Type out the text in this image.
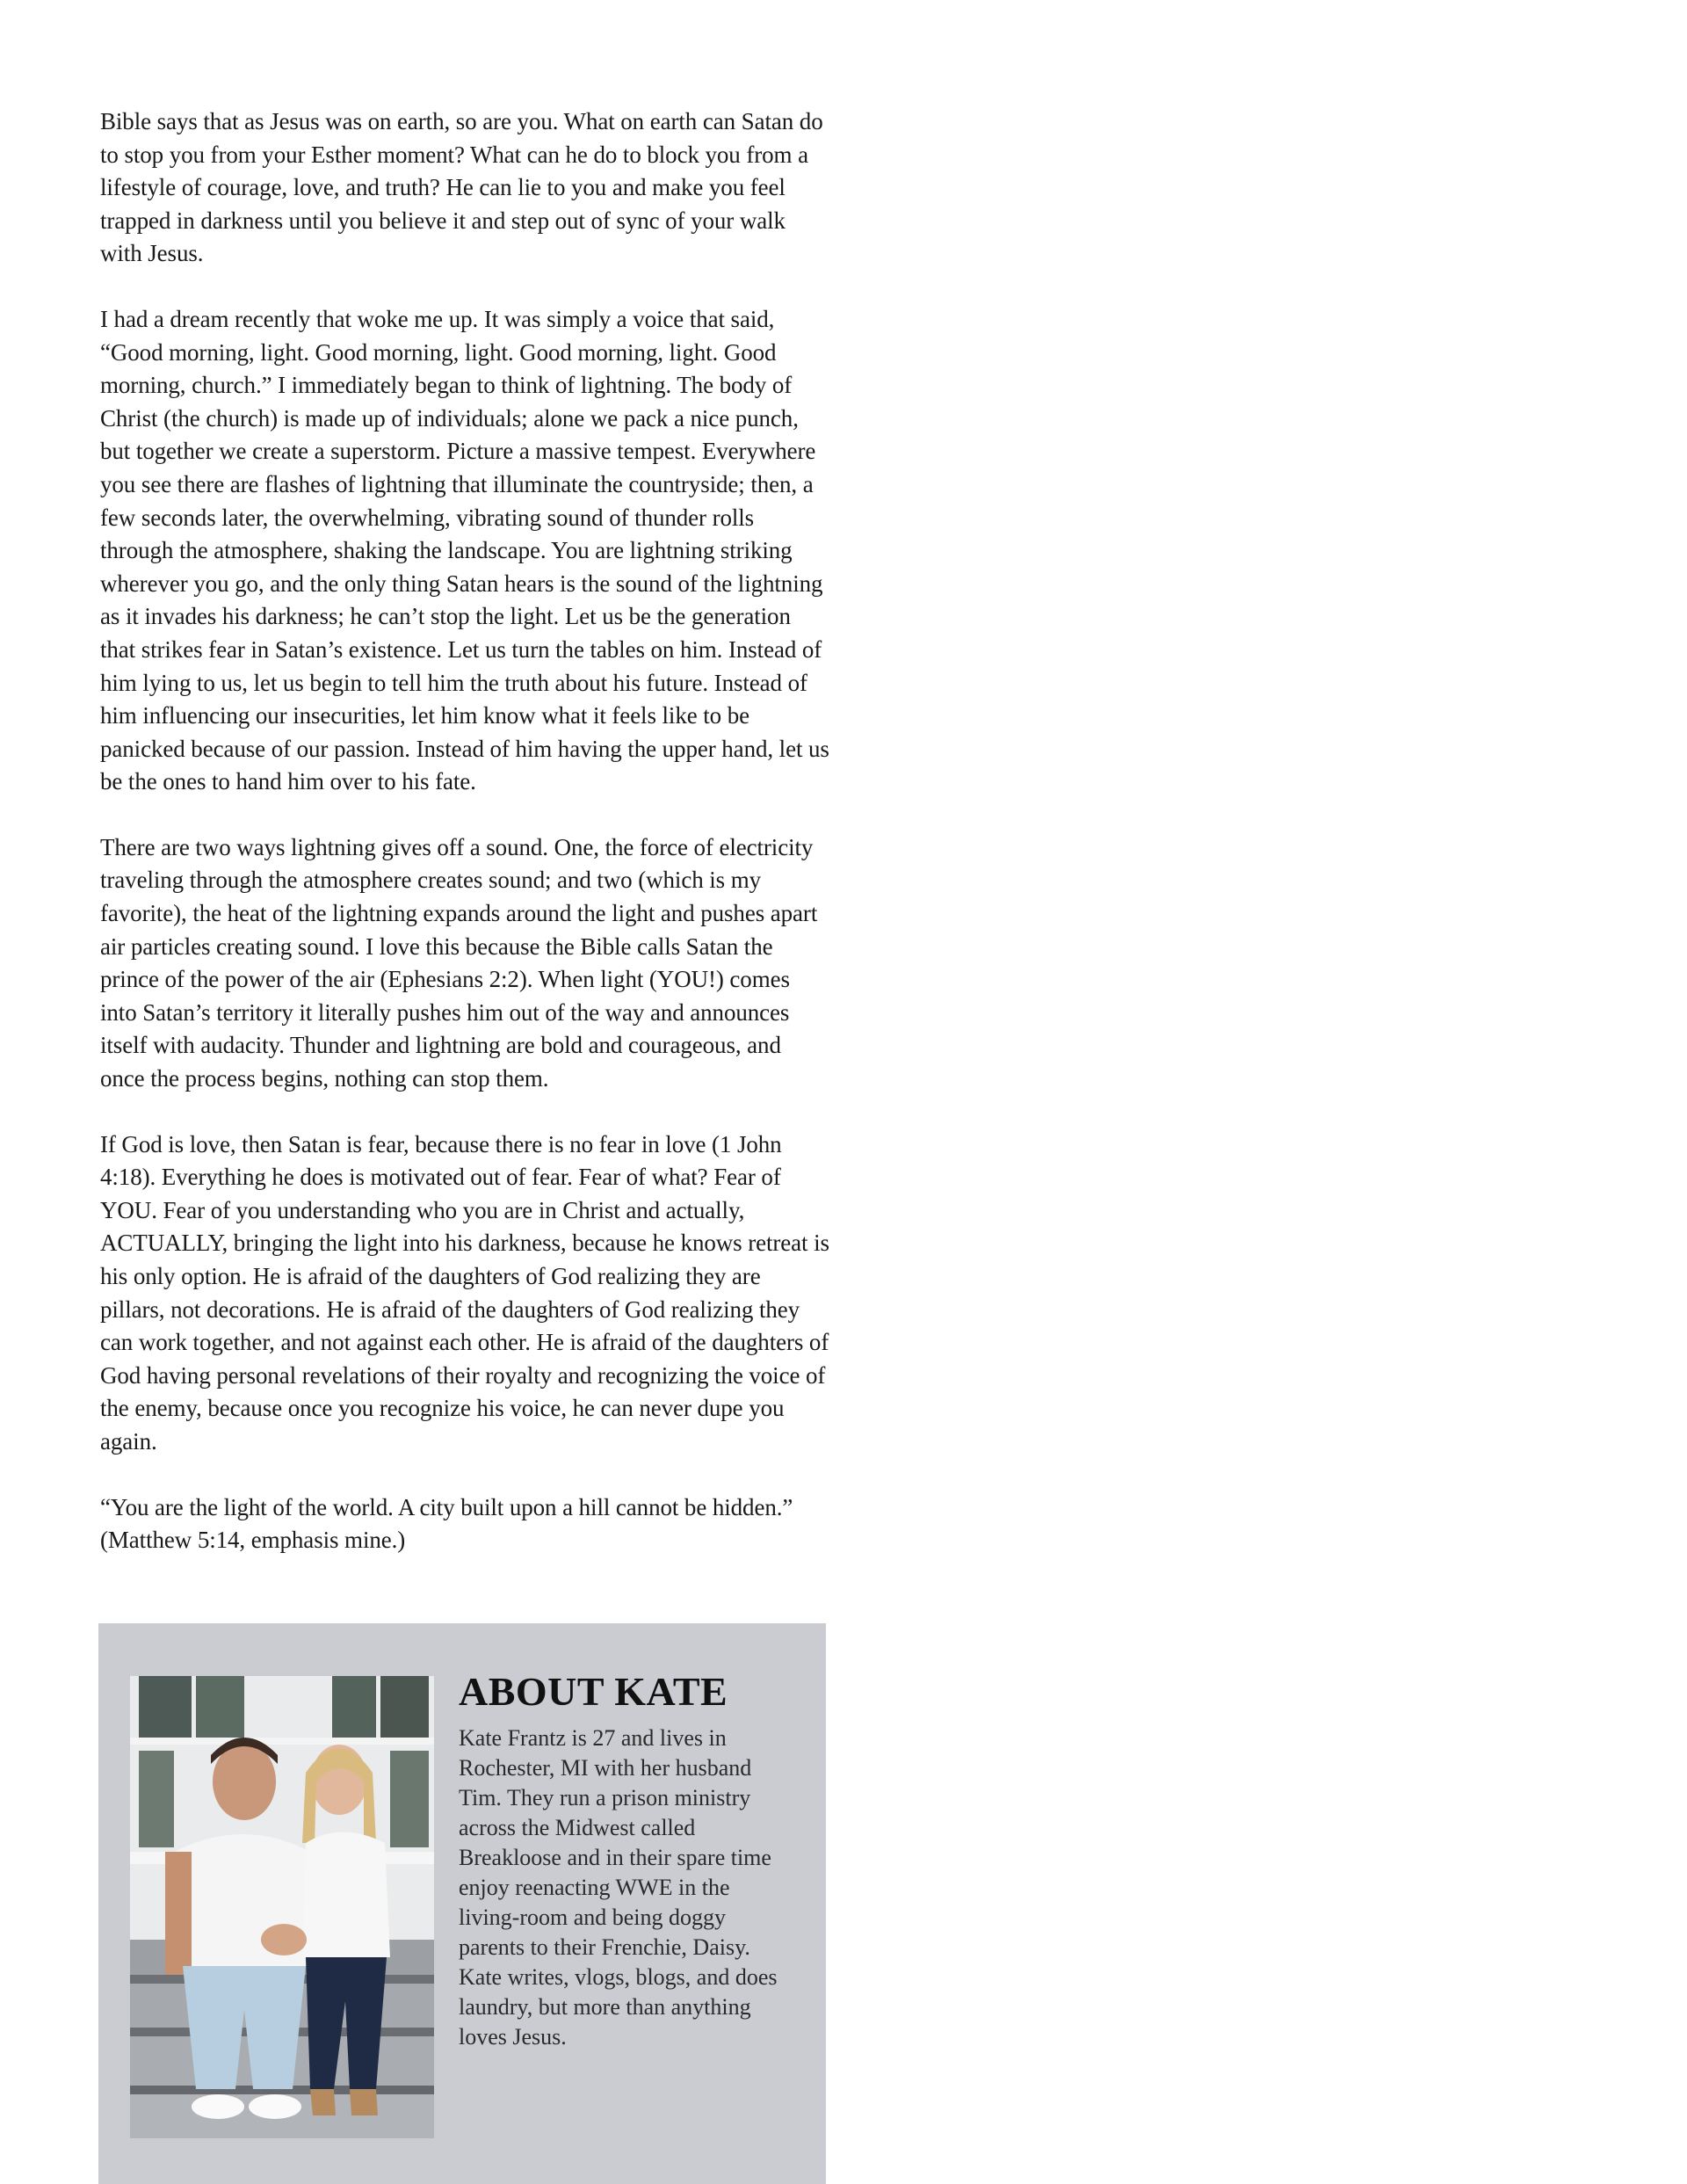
Bible says that as Jesus was on earth, so are you. What on earth can Satan do to stop you from your Esther moment? What can he do to block you from a lifestyle of courage, love, and truth? He can lie to you and make you feel trapped in darkness until you believe it and step out of sync of your walk with Jesus.

I had a dream recently that woke me up. It was simply a voice that said, “Good morning, light. Good morning, light. Good morning, light. Good morning, church.” I immediately began to think of lightning. The body of Christ (the church) is made up of individuals; alone we pack a nice punch, but together we create a superstorm. Picture a massive tempest. Everywhere you see there are flashes of lightning that illuminate the countryside; then, a few seconds later, the overwhelming, vibrating sound of thunder rolls through the atmosphere, shaking the landscape. You are lightning striking wherever you go, and the only thing Satan hears is the sound of the lightning as it invades his darkness; he can’t stop the light. Let us be the generation that strikes fear in Satan’s existence. Let us turn the tables on him. Instead of him lying to us, let us begin to tell him the truth about his future. Instead of him influencing our insecurities, let him know what it feels like to be panicked because of our passion. Instead of him having the upper hand, let us be the ones to hand him over to his fate.

There are two ways lightning gives off a sound. One, the force of electricity traveling through the atmosphere creates sound; and two (which is my favorite), the heat of the lightning expands around the light and pushes apart air particles creating sound. I love this because the Bible calls Satan the prince of the power of the air (Ephesians 2:2). When light (YOU!) comes into Satan’s territory it literally pushes him out of the way and announces itself with audacity. Thunder and lightning are bold and courageous, and once the process begins, nothing can stop them.

If God is love, then Satan is fear, because there is no fear in love (1 John 4:18). Everything he does is motivated out of fear. Fear of what? Fear of YOU. Fear of you understanding who you are in Christ and actually, ACTUALLY, bringing the light into his darkness, because he knows retreat is his only option. He is afraid of the daughters of God realizing they are pillars, not decorations. He is afraid of the daughters of God realizing they can work together, and not against each other. He is afraid of the daughters of God having personal revelations of their royalty and recognizing the voice of the enemy, because once you recognize his voice, he can never dupe you again.

“You are the light of the world. A city built upon a hill cannot be hidden.” (Matthew 5:14, emphasis mine.)

ABOUT KATE

Kate Frantz is 27 and lives in Rochester, MI with her husband Tim. They run a prison ministry across the Midwest called Breakloose and in their spare time enjoy reenacting WWE in the living-room and being doggy parents to their Frenchie, Daisy. Kate writes, vlogs, blogs, and does laundry, but more than anything loves Jesus.
